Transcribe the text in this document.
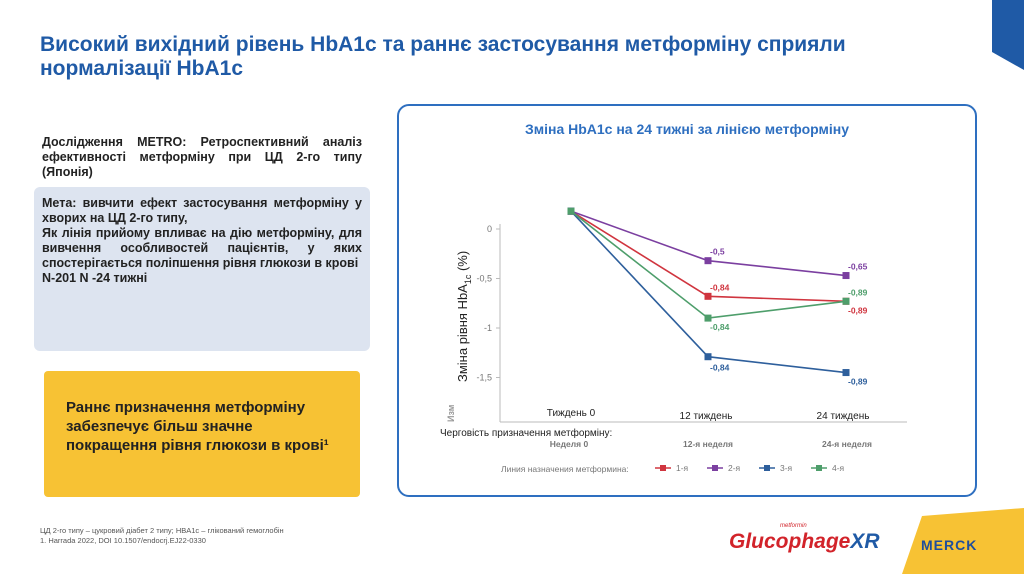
Високий вихідний рівень HbA1c та раннє застосування метформіну сприяли нормалізації HbA1c
Дослідження METRO: Ретроспективний аналіз ефективності метформіну при ЦД 2-го типу (Японія)
Мета: вивчити ефект застосування метформіну у хворих на ЦД 2-го типу,
Як лінія прийому впливає на дію метформіну, для вивчення особливостей пацієнтів, у яких спостерігається поліпшення рівня глюкози в крові
N-201 N -24 тижні
Раннє призначення метформіну забезпечує більш значне покращення рівня глюкози в крові¹
Зміна HbA1c на 24 тижні за лінією метформіну
Изм
Зміна рівня HbA$_{1c}$ (%)
0
-0,5
-1
-1,5
-0,84
-0,89
-0,5
-0,65
-0,84
-0,89
-0,84
-0,89
Тиждень 0	12 тиждень	24 тиждень
Неделя 0	12-я неделя	24-я неделя
Черговість призначення метформіну:
Линия назначения метформина:	1-я	2-я	3-я	4-я
ЦД 2-го типу – цукровий діабет 2 типу; HBA1c – глікований гемоглобін
1. Harrada 2022, DOI 10.1507/endocrj.EJ22-0330
metformin
GlucophageXR	MERCK
